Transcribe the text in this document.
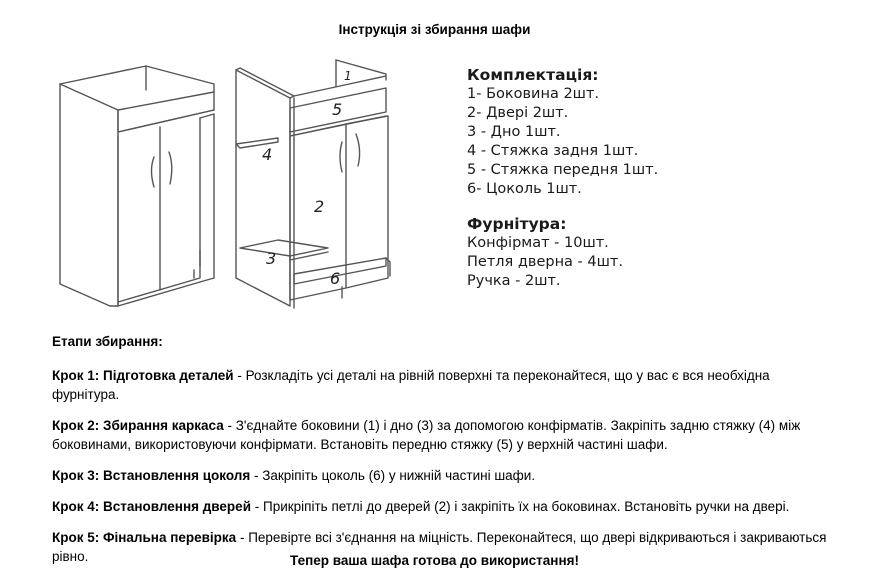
Інструкція зі збирання шафи
1
5
4
2
3
6
Комплектація:
1- Боковина 2шт.
2- Двері 2шт.
3 - Дно 1шт.
4 - Стяжка задня 1шт.
5 - Стяжка передня 1шт.
6- Цоколь 1шт.
Фурнітура:
Конфірмат - 10шт.
Петля дверна - 4шт.
Ручка - 2шт.

Етапи збирання:

Крок 1: Підготовка деталей - Розкладіть усі деталі на рівній поверхні та переконайтеся, що у вас є вся необхідна фурнітура.

Крок 2: Збирання каркаса - З'єднайте боковини (1) і дно (3) за допомогою конфірматів. Закріпіть задню стяжку (4) між боковинами, використовуючи конфірмати. Встановіть передню стяжку (5) у верхній частині шафи.

Крок 3: Встановлення цоколя - Закріпіть цоколь (6) у нижній частині шафи.

Крок 4: Встановлення дверей - Прикріпіть петлі до дверей (2) і закріпіть їх на боковинах. Встановіть ручки на двері.

Крок 5: Фінальна перевірка - Перевірте всі з'єднання на міцність. Переконайтеся, що двері відкриваються і закриваються рівно.	Тепер ваша шафа готова до використання!
